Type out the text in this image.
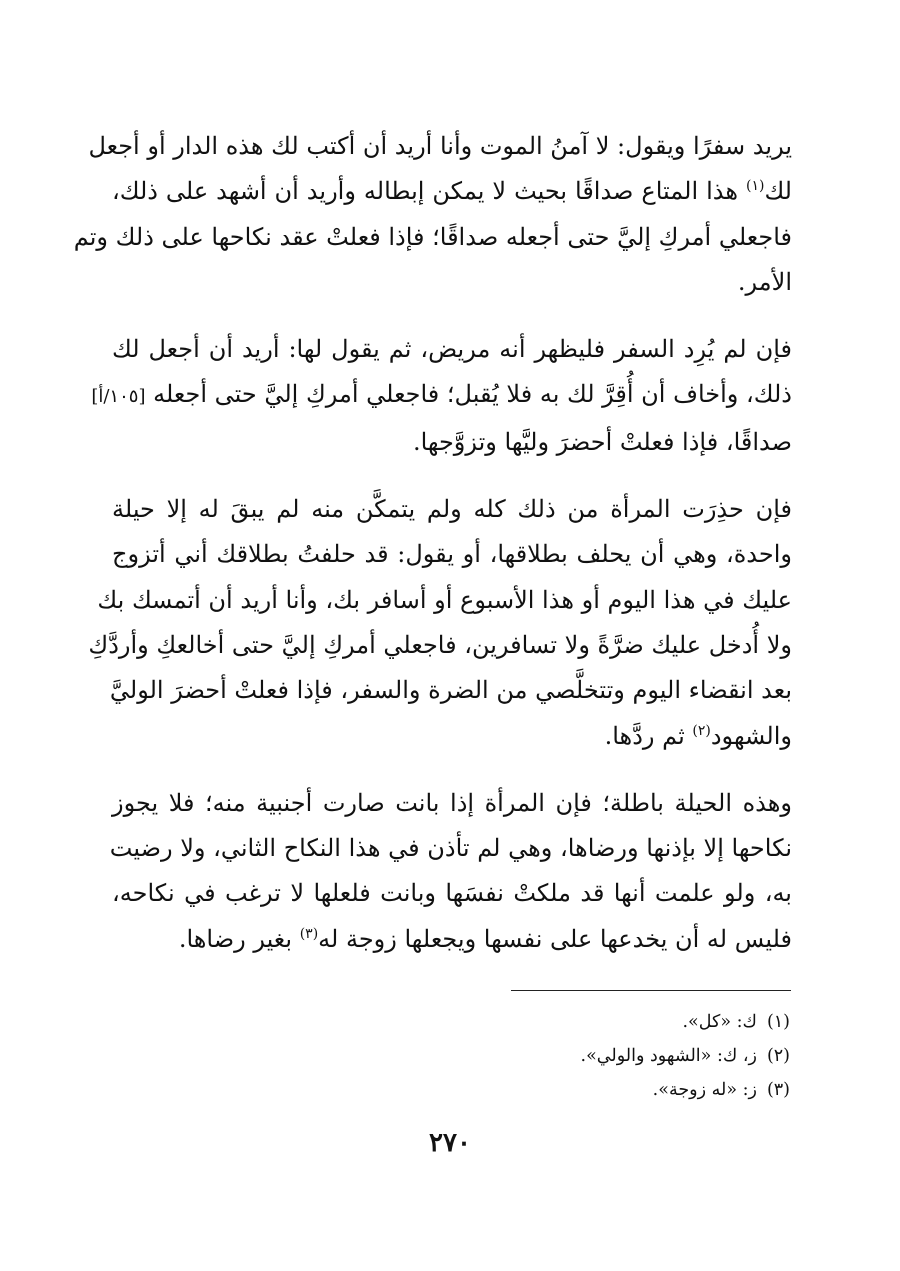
يريد سفرًا ويقول: لا آمنُ الموت وأنا أريد أن أكتب لك هذه الدار أو أجعل
لك$^{(١)}$ هذا المتاع صداقًا بحيث لا يمكن إبطاله وأريد أن أشهد على ذلك،
فاجعلي أمركِ إليَّ حتى أجعله صداقًا؛ فإذا فعلتْ عقد نكاحها على ذلك وتم
الأمر.

فإن لم يُرِد السفر فليظهر أنه مريض، ثم يقول لها: أريد أن أجعل لك
ذلك، وأخاف أن أُقِرَّ لك به فلا يُقبل؛ فاجعلي أمركِ إليَّ حتى أجعله [١٠٥/أ]
صداقًا، فإذا فعلتْ أحضرَ وليَّها وتزوَّجها.

فإن حذِرَت المرأة من ذلك كله ولم يتمكَّن منه لم يبقَ له إلا حيلة
واحدة، وهي أن يحلف بطلاقها، أو يقول: قد حلفتُ بطلاقك أني أتزوج
عليك في هذا اليوم أو هذا الأسبوع أو أسافر بك، وأنا أريد أن أتمسك بك
ولا أُدخل عليك ضرَّةً ولا تسافرين، فاجعلي أمركِ إليَّ حتى أخالعكِ وأردَّكِ
بعد انقضاء اليوم وتتخلَّصي من الضرة والسفر، فإذا فعلتْ أحضرَ الوليَّ
والشهود$^{(٢)}$ ثم ردَّها.

وهذه الحيلة باطلة؛ فإن المرأة إذا بانت صارت أجنبية منه؛ فلا يجوز
نكاحها إلا بإذنها ورضاها، وهي لم تأذن في هذا النكاح الثاني، ولا رضيت
به، ولو علمت أنها قد ملكتْ نفسَها وبانت فلعلها لا ترغب في نكاحه،
فليس له أن يخدعها على نفسها ويجعلها زوجة له$^{(٣)}$ بغير رضاها.

(١)ك: «كل».
(٢)ز، ك: «الشهود والولي».
(٣)ز: «له زوجة».
٢٧٠
